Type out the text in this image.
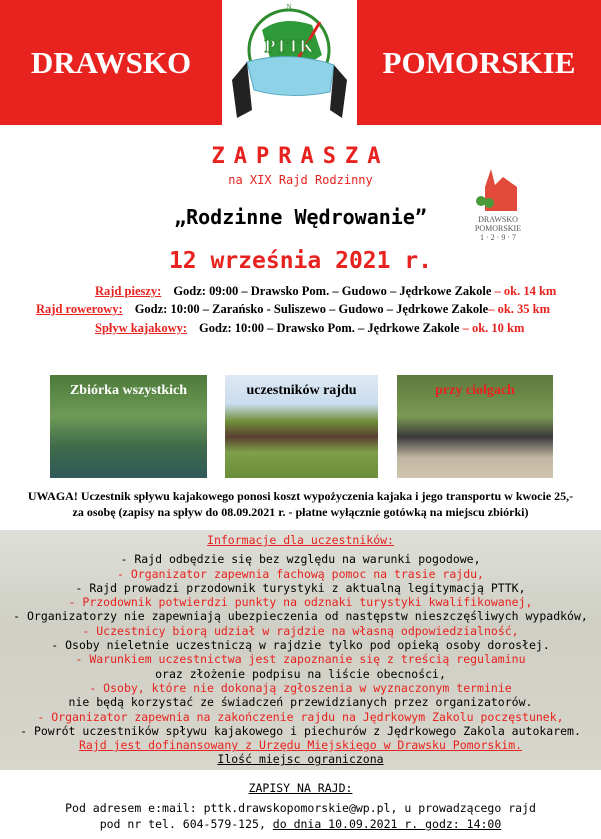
DRAWSKO
N
PTTK POMORSKIE
ZAPRASZA
na XIX Rajd Rodzinny
„Rodzinne Wędrowanie”
12 września 2021 r.
DRAWSKO
POMORSKIE
1 · 2 · 9 · 7
Rajd pieszy: Godz: 09:00 – Drawsko Pom. – Gudowo – Jędrkowe Zakole – ok. 14 km
Rajd rowerowy: Godz: 10:00 – Zarańsko - Suliszewo – Gudowo – Jędrkowe Zakole– ok. 35 km
Spływ kajakowy: Godz: 10:00 – Drawsko Pom. – Jędrkowe Zakole – ok. 10 km
Zbiórka wszystkich	uczestników rajdu	przy ciołgach
UWAGA! Uczestnik spływu kajakowego ponosi koszt wypożyczenia kajaka i jego transportu w kwocie 25,-
za osobę (zapisy na spływ do 08.09.2021 r. - płatne wyłącznie gotówką na miejscu zbiórki)
Informacje dla uczestników:
- Rajd odbędzie się bez względu na warunki pogodowe,
- Organizator zapewnia fachową pomoc na trasie rajdu,
- Rajd prowadzi przodownik turystyki z aktualną legitymacją PTTK,
- Przodownik potwierdzi punkty na odznaki turystyki kwalifikowanej,
- Organizatorzy nie zapewniają ubezpieczenia od następstw nieszczęśliwych wypadków,
- Uczestnicy biorą udział w rajdzie na własną odpowiedzialność,
- Osoby nieletnie uczestniczą w rajdzie tylko pod opieką osoby dorosłej.
- Warunkiem uczestnictwa jest zapoznanie się z treścią regulaminu
oraz złożenie podpisu na liście obecności,
- Osoby, które nie dokonają zgłoszenia w wyznaczonym terminie
nie będą korzystać ze świadczeń przewidzianych przez organizatorów.
- Organizator zapewnia na zakończenie rajdu na Jędrkowym Zakolu poczęstunek,
- Powrót uczestników spływu kajakowego i piechurów z Jędrkowego Zakola autokarem.
Rajd jest dofinansowany z Urzędu Miejskiego w Drawsku Pomorskim.
Ilość miejsc ograniczona
ZAPISY NA RAJD:
Pod adresem e:mail: pttk.drawskopomorskie@wp.pl, u prowadzącego rajd
pod nr tel. 604-579-125, do dnia 10.09.2021 r. godz: 14:00
